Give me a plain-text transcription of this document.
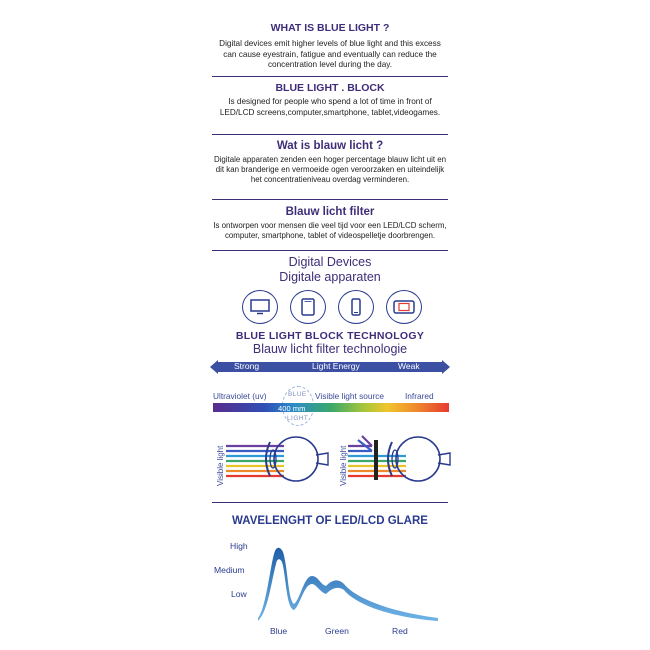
WHAT IS BLUE LIGHT ?
Digital devices emit higher levels of blue light and this excess can cause eyestrain, fatigue and eventually can reduce the concentration level during the day.
BLUE LIGHT . BLOCK
Is designed for people who spend a lot of time in front of LED/LCD screens,computer,smartphone, tablet,videogames.
Wat is blauw licht ?
Digitale apparaten zenden een hoger percentage blauw licht uit en dit kan branderige en vermoeide ogen veroorzaken en uiteindelijk het concentratieniveau overdag verminderen.
Blauw licht filter
Is ontworpen voor mensen die veel tijd voor een LED/LCD scherm, computer, smartphone, tablet of videospelletje doorbrengen.
Digital Devices
Digitale apparaten
BLUE LIGHT BLOCK TECHNOLOGY
Blauw licht filter technologie
Strong	Light Energy	Weak
BLUE
LIGHT
Ultraviolet (uv)	Visible light source	Infrared
400 mm
Visible light	Visible light
WAVELENGHT OF LED/LCD GLARE
High
Medium
Low
Blue	Green	Red
